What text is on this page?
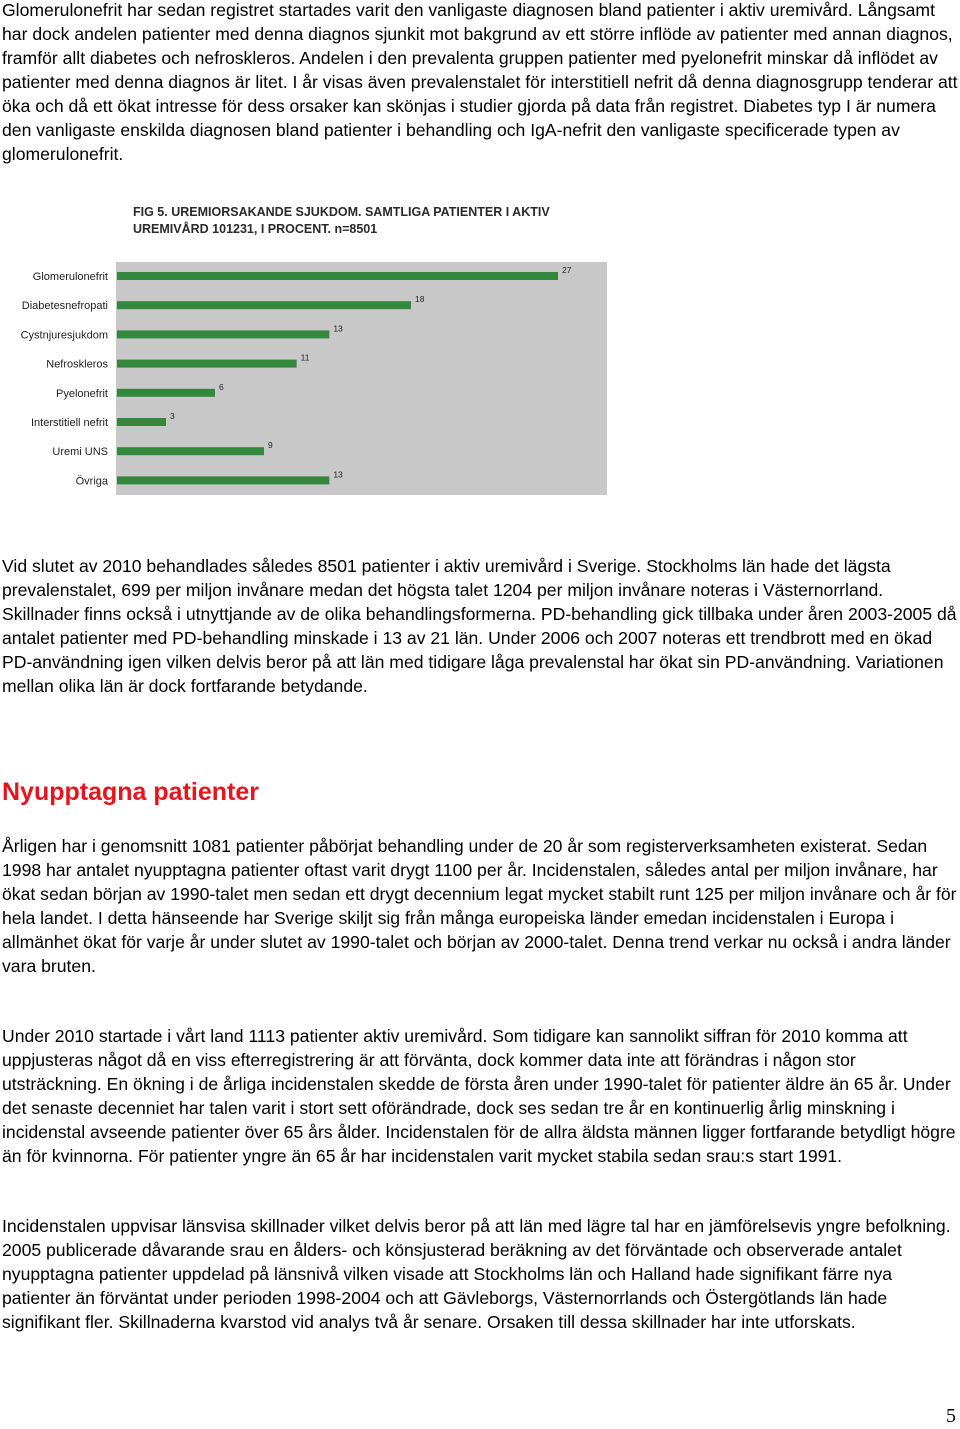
Glomerulonefrit har sedan registret startades varit den vanligaste diagnosen bland patienter i aktiv uremivård. Långsamt har dock andelen patienter med denna diagnos sjunkit mot bakgrund av ett större inflöde av patienter med annan diagnos, framför allt diabetes och nefroskleros. Andelen i den prevalenta gruppen patienter med pyelonefrit minskar då inflödet av patienter med denna diagnos är litet. I år visas även prevalenstalet för interstitiell nefrit då denna diagnosgrupp tenderar att öka och då ett ökat intresse för dess orsaker kan skönjas i studier gjorda på data från registret. Diabetes typ I är numera den vanligaste enskilda diagnosen bland patienter i behandling och IgA-nefrit den vanligaste specificerade typen av glomerulonefrit.

FIG 5. UREMIORSAKANDE SJUKDOM. SAMTLIGA PATIENTER I AKTIV
UREMIVÅRD 101231, I PROCENT. n=8501
Glomerulonefrit
27
Diabetesnefropati
18
Cystnjuresjukdom
13
Nefroskleros
11
Pyelonefrit
6
Interstitiell nefrit
3
Uremi UNS
9
Övriga
13

Vid slutet av 2010 behandlades således 8501 patienter i aktiv uremivård i Sverige. Stockholms län hade det lägsta prevalenstalet, 699 per miljon invånare medan det högsta talet 1204 per miljon invånare noteras i Västernorrland. Skillnader finns också i utnyttjande av de olika behandlingsformerna. PD-behandling gick tillbaka under åren 2003-2005 då antalet patienter med PD-behandling minskade i 13 av 21 län. Under 2006 och 2007 noteras ett trendbrott med en ökad PD-användning igen vilken delvis beror på att län med tidigare låga prevalenstal har ökat sin PD-användning. Variationen mellan olika län är dock fortfarande betydande.

Nyupptagna patienter

Årligen har i genomsnitt 1081 patienter påbörjat behandling under de 20 år som registerverksamheten existerat. Sedan 1998 har antalet nyupptagna patienter oftast varit drygt 1100 per år. Incidenstalen, således antal per miljon invånare, har ökat sedan början av 1990-talet men sedan ett drygt decennium legat mycket stabilt runt 125 per miljon invånare och år för hela landet. I detta hänseende har Sverige skiljt sig från många europeiska länder emedan incidenstalen i Europa i allmänhet ökat för varje år under slutet av 1990-talet och början av 2000-talet. Denna trend verkar nu också i andra länder vara bruten.

Under 2010 startade i vårt land 1113 patienter aktiv uremivård. Som tidigare kan sannolikt siffran för 2010 komma att uppjusteras något då en viss efterregistrering är att förvänta, dock kommer data inte att förändras i någon stor utsträckning. En ökning i de årliga incidenstalen skedde de första åren under 1990-talet för patienter äldre än 65 år. Under det senaste decenniet har talen varit i stort sett oförändrade, dock ses sedan tre år en kontinuerlig årlig minskning i incidenstal avseende patienter över 65 års ålder. Incidenstalen för de allra äldsta männen ligger fortfarande betydligt högre än för kvinnorna. För patienter yngre än 65 år har incidenstalen varit mycket stabila sedan srau:s start 1991.

Incidenstalen uppvisar länsvisa skillnader vilket delvis beror på att län med lägre tal har en jämförelsevis yngre befolkning. 2005 publicerade dåvarande srau en ålders- och könsjusterad beräkning av det förväntade och observerade antalet nyupptagna patienter uppdelad på länsnivå vilken visade att Stockholms län och Halland hade signifikant färre nya patienter än förväntat under perioden 1998-2004 och att Gävleborgs, Västernorrlands och Östergötlands län hade signifikant fler. Skillnaderna kvarstod vid analys två år senare. Orsaken till dessa skillnader har inte utforskats.

5
